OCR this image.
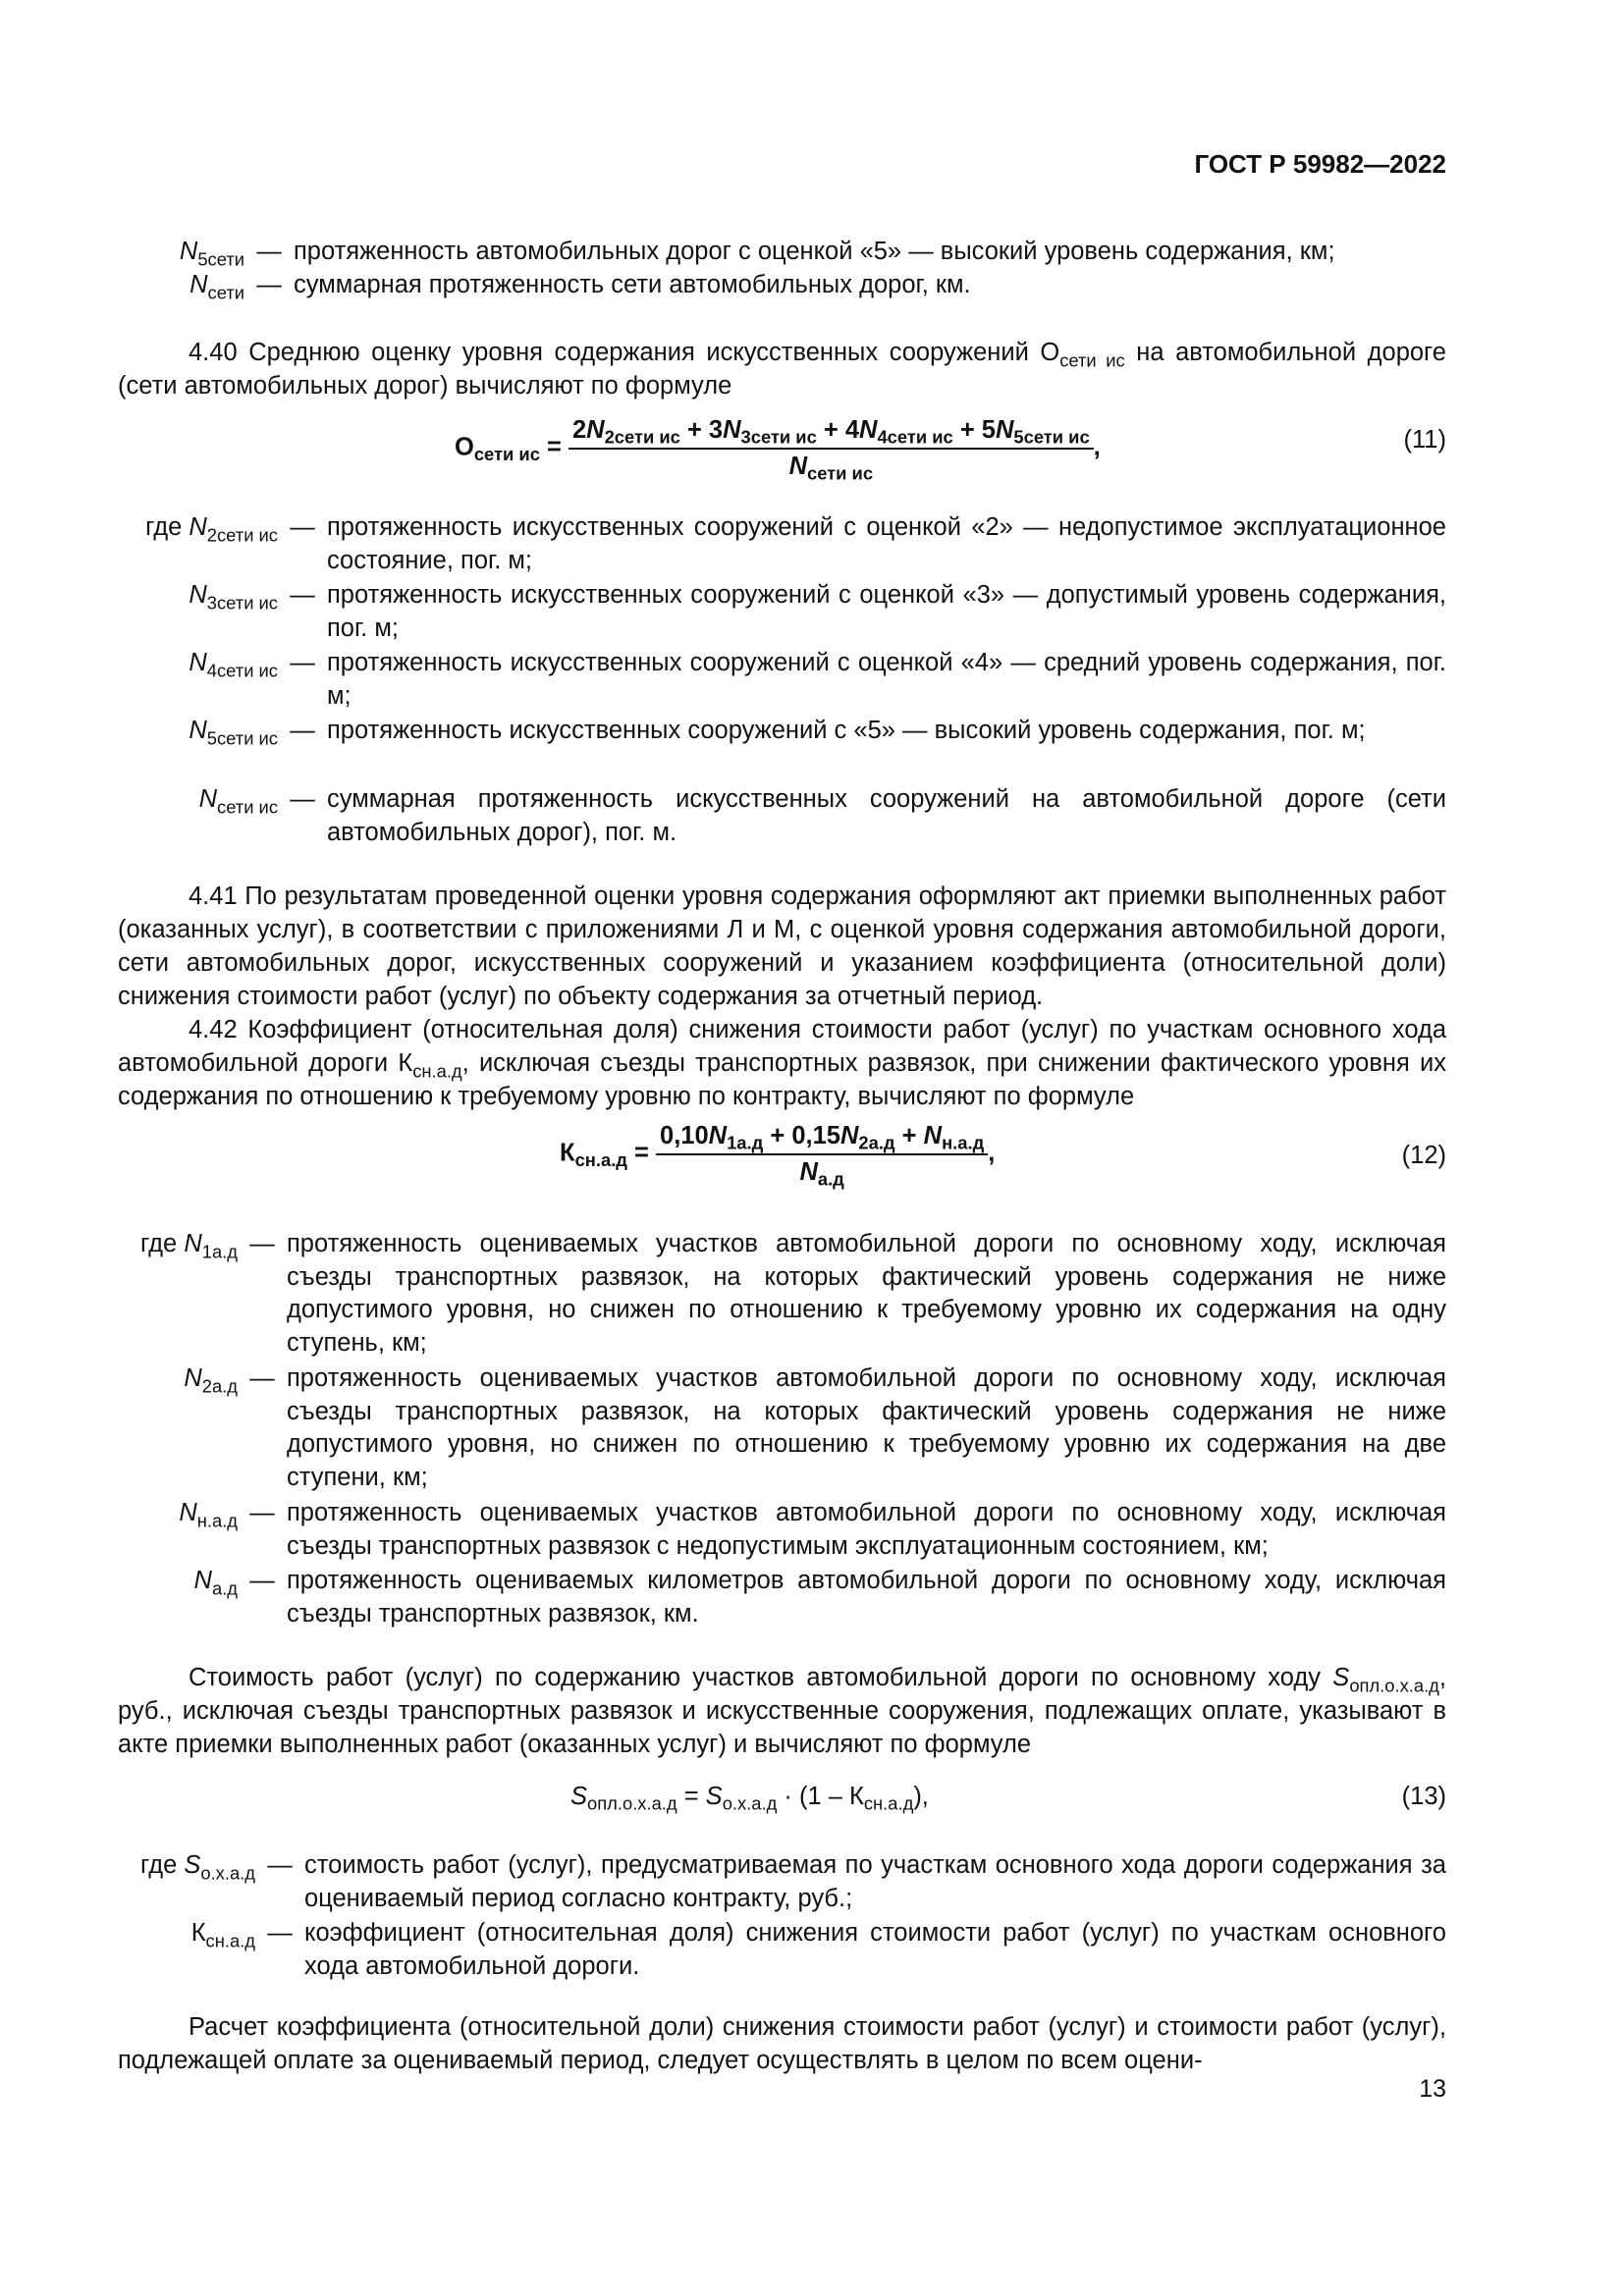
ГОСТ Р 59982—2022
$N_{5сети}$ — протяженность автомобильных дорог с оценкой «5» — высокий уровень содержания, км;
$N_{сети}$ — суммарная протяженность сети автомобильных дорог, км.
4.40 Среднюю оценку уровня содержания искусственных сооружений $О_{сети ис}$ на автомобильной дороге (сети автомобильных дорог) вычисляют по формуле
$О_{сети ис} = \frac{2N_{2сети ис} + 3N_{3сети ис} + 4N_{4сети ис} + 5N_{5сети ис}}{N_{сети ис}}$ ,	(11)
где $N_{2сети ис}$ — протяженность искусственных сооружений с оценкой «2» — недопустимое эксплуатационное состояние, пог. м;
$N_{3сети ис}$ — протяженность искусственных сооружений с оценкой «3» — допустимый уровень содержания, пог. м;
$N_{4сети ис}$ — протяженность искусственных сооружений с оценкой «4» — средний уровень содержания, пог. м;
$N_{5сети ис}$ — протяженность искусственных сооружений с «5» — высокий уровень содержания, пог. м;
$N_{сети ис}$ — суммарная протяженность искусственных сооружений на автомобильной дороге (сети автомобильных дорог), пог. м.
4.41 По результатам проведенной оценки уровня содержания оформляют акт приемки выполненных работ (оказанных услуг), в соответствии с приложениями Л и М, с оценкой уровня содержания автомобильной дороги, сети автомобильных дорог, искусственных сооружений и указанием коэффициента (относительной доли) снижения стоимости работ (услуг) по объекту содержания за отчетный период.
4.42 Коэффициент (относительная доля) снижения стоимости работ (услуг) по участкам основного хода автомобильной дороги $К_{сн.а.д}$, исключая съезды транспортных развязок, при снижении фактического уровня их содержания по отношению к требуемому уровню по контракту, вычисляют по формуле
$К_{сн.а.д} = \frac{0,10N_{1а.д} + 0,15N_{2а.д} + N_{н.а.д}}{N_{а.д}}$ ,	(12)
где $N_{1а.д}$ — протяженность оцениваемых участков автомобильной дороги по основному ходу, исключая съезды транспортных развязок, на которых фактический уровень содержания не ниже допустимого уровня, но снижен по отношению к требуемому уровню их содержания на одну ступень, км;
$N_{2а.д}$ — протяженность оцениваемых участков автомобильной дороги по основному ходу, исключая съезды транспортных развязок, на которых фактический уровень содержания не ниже допустимого уровня, но снижен по отношению к требуемому уровню их содержания на две ступени, км;
$N_{н.а.д}$ — протяженность оцениваемых участков автомобильной дороги по основному ходу, исключая съезды транспортных развязок с недопустимым эксплуатационным состоянием, км;
$N_{а.д}$ — протяженность оцениваемых километров автомобильной дороги по основному ходу, исключая съезды транспортных развязок, км.
Стоимость работ (услуг) по содержанию участков автомобильной дороги по основному ходу $S_{опл.о.х.а.д}$, руб., исключая съезды транспортных развязок и искусственные сооружения, подлежащих оплате, указывают в акте приемки выполненных работ (оказанных услуг) и вычисляют по формуле
$S_{опл.о.х.а.д} = S_{о.х.а.д} \cdot (1 - К_{сн.а.д})$,	(13)
где $S_{о.х.а.д}$ — стоимость работ (услуг), предусматриваемая по участкам основного хода дороги содержания за оцениваемый период согласно контракту, руб.;
$К_{сн.а.д}$ — коэффициент (относительная доля) снижения стоимости работ (услуг) по участкам основного хода автомобильной дороги.
Расчет коэффициента (относительной доли) снижения стоимости работ (услуг) и стоимости работ (услуг), подлежащей оплате за оцениваемый период, следует осуществлять в целом по всем оцени-
13
